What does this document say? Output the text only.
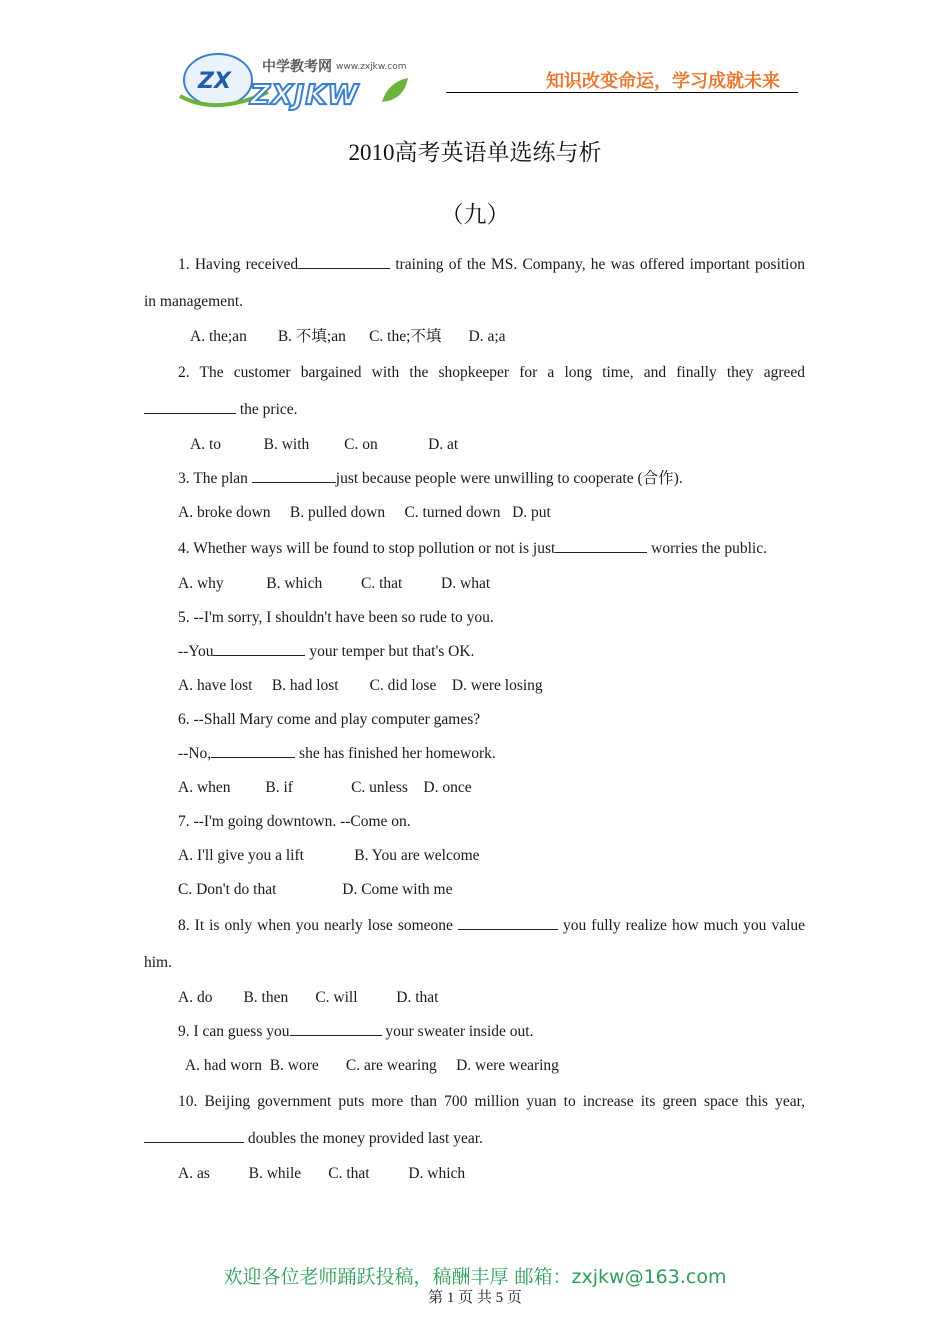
ZX ZXJKW
中学教考网 www.zxjkw.com
知识改变命运，学习成就未来
2010高考英语单选练与析
（九）
1. Having received	training of the MS. Company, he was offered important position in management.
A. the;an        B. 不填;an      C. the;不填       D. a;a
2. The customer bargained with the shopkeeper for a long time, and finally they agreed  the price.
A. to           B. with         C. on             D. at
3. The plan	just because people were unwilling to cooperate (合作).
A. broke down     B. pulled down     C. turned down   D. put
4. Whether ways will be found to stop pollution or not is just	worries the public.
A. why           B. which          C. that          D. what
5. --I'm sorry, I shouldn't have been so rude to you.
--You	your temper but that's OK.
A. have lost     B. had lost        C. did lose    D. were losing
6. --Shall Mary come and play computer games?
--No,	she has finished her homework.
A. when         B. if               C. unless    D. once
7. --I'm going downtown. --Come on.
A. I'll give you a lift             B. You are welcome
C. Don't do that                 D. Come with me
8. It is only when you nearly lose someone	you fully realize how much you value him.
A. do        B. then       C. will          D. that
9. I can guess you	your sweater inside out.
A. had worn  B. wore       C. are wearing     D. were wearing
10. Beijing government puts more than 700 million yuan to increase its green space this year, doubles the money provided last year.
A. as          B. while       C. that          D. which
欢迎各位老师踊跃投稿，稿酬丰厚 邮箱：zxjkw@163.com
第 1 页 共 5 页
